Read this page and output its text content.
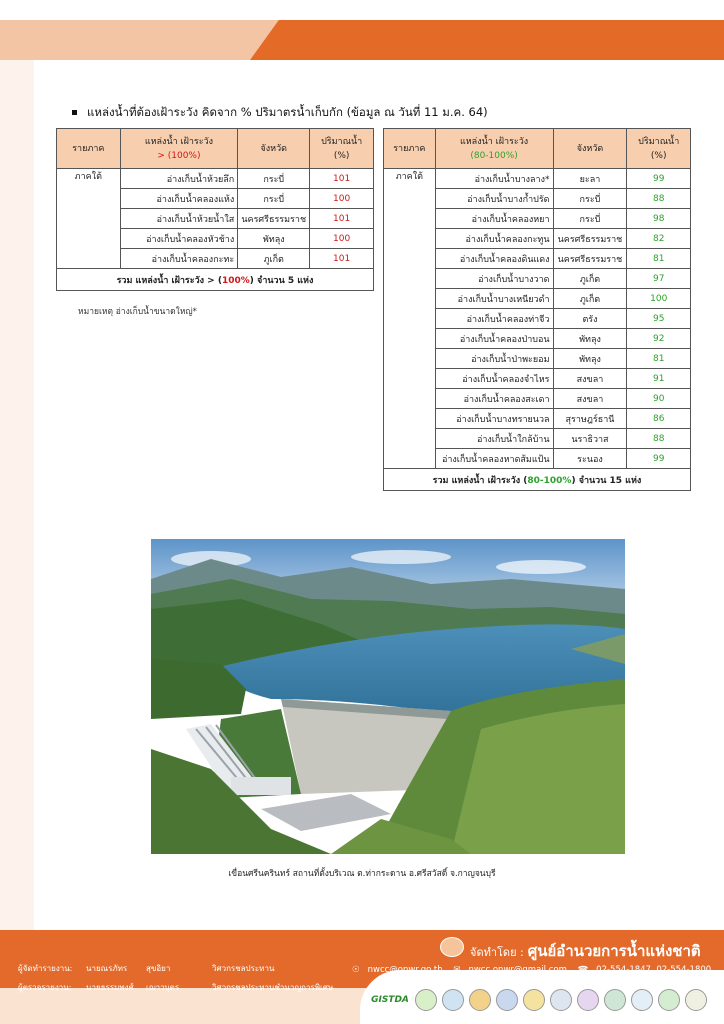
แหล่งน้ำที่ต้องเฝ้าระวัง คิดจาก % ปริมาตรน้ำเก็บกัก (ข้อมูล ณ วันที่ 11 ม.ค. 64)
รายภาค	แหล่งน้ำ เฝ้าระวัง
> (100%)	จังหวัด	ปริมาณน้ำ
(%)
ภาคใต้	อ่างเก็บน้ำห้วยลึก	กระบี่	101
	อ่างเก็บน้ำคลองแห้ง	กระบี่	100
	อ่างเก็บน้ำห้วยน้ำใส	นครศรีธรรมราช	101
	อ่างเก็บน้ำคลองหัวช้าง	พัทลุง	100
	อ่างเก็บน้ำคลองกะทะ	ภูเก็ต	101
รวม แหล่งน้ำ เฝ้าระวัง > (100%) จำนวน 5 แห่ง			
รายภาค	แหล่งน้ำ เฝ้าระวัง
(80-100%)	จังหวัด	ปริมาณน้ำ
(%)
ภาคใต้	อ่างเก็บน้ำบางลาง*	ยะลา	99
	อ่างเก็บน้ำบางก้ำปรัด	กระบี่	88
	อ่างเก็บน้ำคลองหยา	กระบี่	98
	อ่างเก็บน้ำคลองกะทูน	นครศรีธรรมราช	82
	อ่างเก็บน้ำคลองดินแดง	นครศรีธรรมราช	81
	อ่างเก็บน้ำบางวาด	ภูเก็ต	97
	อ่างเก็บน้ำบางเหนียวดำ	ภูเก็ต	100
	อ่างเก็บน้ำคลองท่าจีว	ตรัง	95
	อ่างเก็บน้ำคลองป่าบอน	พัทลุง	92
	อ่างเก็บน้ำป่าพะยอม	พัทลุง	81
	อ่างเก็บน้ำคลองจำไหร	สงขลา	91
	อ่างเก็บน้ำคลองสะเดา	สงขลา	90
	อ่างเก็บน้ำบางทรายนวล	สุราษฎร์ธานี	86
	อ่างเก็บน้ำใกล้บ้าน	นราธิวาส	88
	อ่างเก็บน้ำคลองหาดส้มแป้น	ระนอง	99
รวม แหล่งน้ำ เฝ้าระวัง (80-100%) จำนวน 15 แห่ง			
หมายเหตุ อ่างเก็บน้ำขนาดใหญ่*
เขื่อนศรีนครินทร์ สถานที่ตั้งบริเวณ ต.ท่ากระดาน อ.ศรีสวัสดิ์ จ.กาญจนบุรี
ผู้จัดทำรายงาน: นายณรภัทร สุขอิยา	วิศวกรชลประทาน
ผู้ตรวจรายงาน: นายธรรมพงศ์ เฌาวบุตร	วิศวกรชลประทานชำนาญการพิเศษ
จัดทำโดย : ศูนย์อำนวยการน้ำแห่งชาติ
☉ nwcc@onwr.go.th ✉ nwcc.onwr@gmail.com ☎ 02-554-1847, 02-554-1800
GISTDA
